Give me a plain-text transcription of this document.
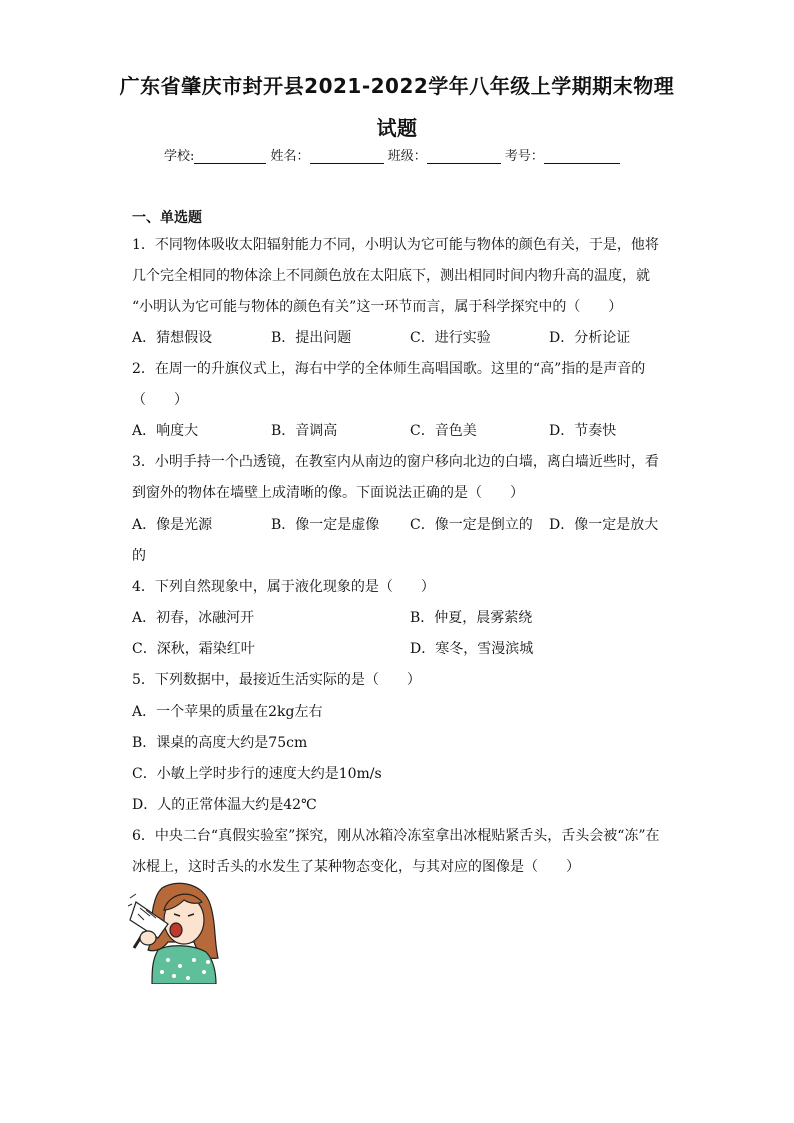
广东省肇庆市封开县2021-2022学年八年级上学期期末物理
试题
学校:	姓名：	班级：	考号：
一、单选题
1．不同物体吸收太阳辐射能力不同，小明认为它可能与物体的颜色有关，于是，他将
几个完全相同的物体涂上不同颜色放在太阳底下，测出相同时间内物升高的温度，就
“小明认为它可能与物体的颜色有关”这一环节而言，属于科学探究中的（　　）
A．猜想假设	B．提出问题	C．进行实验	D．分析论证
2．在周一的升旗仪式上，海右中学的全体师生高唱国歌。这里的“高”指的是声音的
（　　）
A．响度大	B．音调高	C．音色美	D．节奏快
3．小明手持一个凸透镜，在教室内从南边的窗户移向北边的白墙，离白墙近些时，看
到窗外的物体在墙壁上成清晰的像。下面说法正确的是（　　）
A．像是光源	B．像一定是虚像 C．像一定是倒立的 D．像一定是放大
的
4．下列自然现象中，属于液化现象的是（　　）
A．初春，冰融河开	B．仲夏，晨雾萦绕
C．深秋，霜染红叶	D．寒冬，雪漫滨城
5．下列数据中，最接近生活实际的是（　　）
A．一个苹果的质量在2kg左右
B．课桌的高度大约是75cm
C．小敏上学时步行的速度大约是10m/s
D．人的正常体温大约是42℃
6．中央二台“真假实验室”探究，刚从冰箱冷冻室拿出冰棍贴紧舌头，舌头会被“冻”在
冰棍上，这时舌头的水发生了某种物态变化，与其对应的图像是（　　）
